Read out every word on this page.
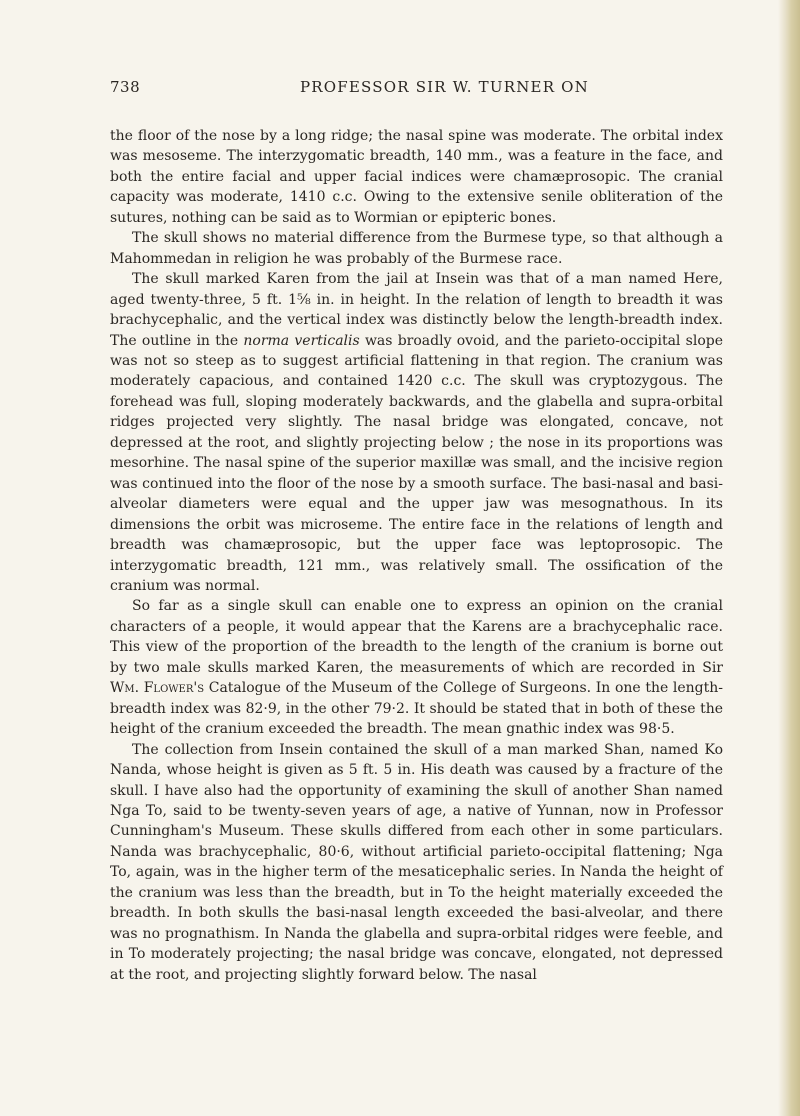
738	PROFESSOR SIR W. TURNER ON

the floor of the nose by a long ridge; the nasal spine was moderate. The orbital index was mesoseme. The interzygomatic breadth, 140 mm., was a feature in the face, and both the entire facial and upper facial indices were chamæprosopic. The cranial capacity was moderate, 1410 c.c. Owing to the extensive senile obliteration of the sutures, nothing can be said as to Wormian or epipteric bones.

The skull shows no material difference from the Burmese type, so that although a Mahommedan in religion he was probably of the Burmese race.

The skull marked Karen from the jail at Insein was that of a man named Here, aged twenty-three, 5 ft. 1⅝ in. in height. In the relation of length to breadth it was brachycephalic, and the vertical index was distinctly below the length-breadth index. The outline in the norma verticalis was broadly ovoid, and the parieto-occipital slope was not so steep as to suggest artificial flattening in that region. The cranium was moderately capacious, and contained 1420 c.c. The skull was cryptozygous. The forehead was full, sloping moderately backwards, and the glabella and supra-orbital ridges projected very slightly. The nasal bridge was elongated, concave, not depressed at the root, and slightly projecting below ; the nose in its proportions was mesorhine. The nasal spine of the superior maxillæ was small, and the incisive region was continued into the floor of the nose by a smooth surface. The basi-nasal and basi-alveolar diameters were equal and the upper jaw was mesognathous. In its dimensions the orbit was microseme. The entire face in the relations of length and breadth was chamæprosopic, but the upper face was leptoprosopic. The interzygomatic breadth, 121 mm., was relatively small. The ossification of the cranium was normal.

So far as a single skull can enable one to express an opinion on the cranial characters of a people, it would appear that the Karens are a brachycephalic race. This view of the proportion of the breadth to the length of the cranium is borne out by two male skulls marked Karen, the measurements of which are recorded in Sir Wm. Flower's Catalogue of the Museum of the College of Surgeons. In one the length-breadth index was 82·9, in the other 79·2. It should be stated that in both of these the height of the cranium exceeded the breadth. The mean gnathic index was 98·5.

The collection from Insein contained the skull of a man marked Shan, named Ko Nanda, whose height is given as 5 ft. 5 in. His death was caused by a fracture of the skull. I have also had the opportunity of examining the skull of another Shan named Nga To, said to be twenty-seven years of age, a native of Yunnan, now in Professor Cunningham's Museum. These skulls differed from each other in some particulars. Nanda was brachycephalic, 80·6, without artificial parieto-occipital flattening; Nga To, again, was in the higher term of the mesaticephalic series. In Nanda the height of the cranium was less than the breadth, but in To the height materially exceeded the breadth. In both skulls the basi-nasal length exceeded the basi-alveolar, and there was no prognathism. In Nanda the glabella and supra-orbital ridges were feeble, and in To moderately projecting; the nasal bridge was concave, elongated, not depressed at the root, and projecting slightly forward below. The nasal
